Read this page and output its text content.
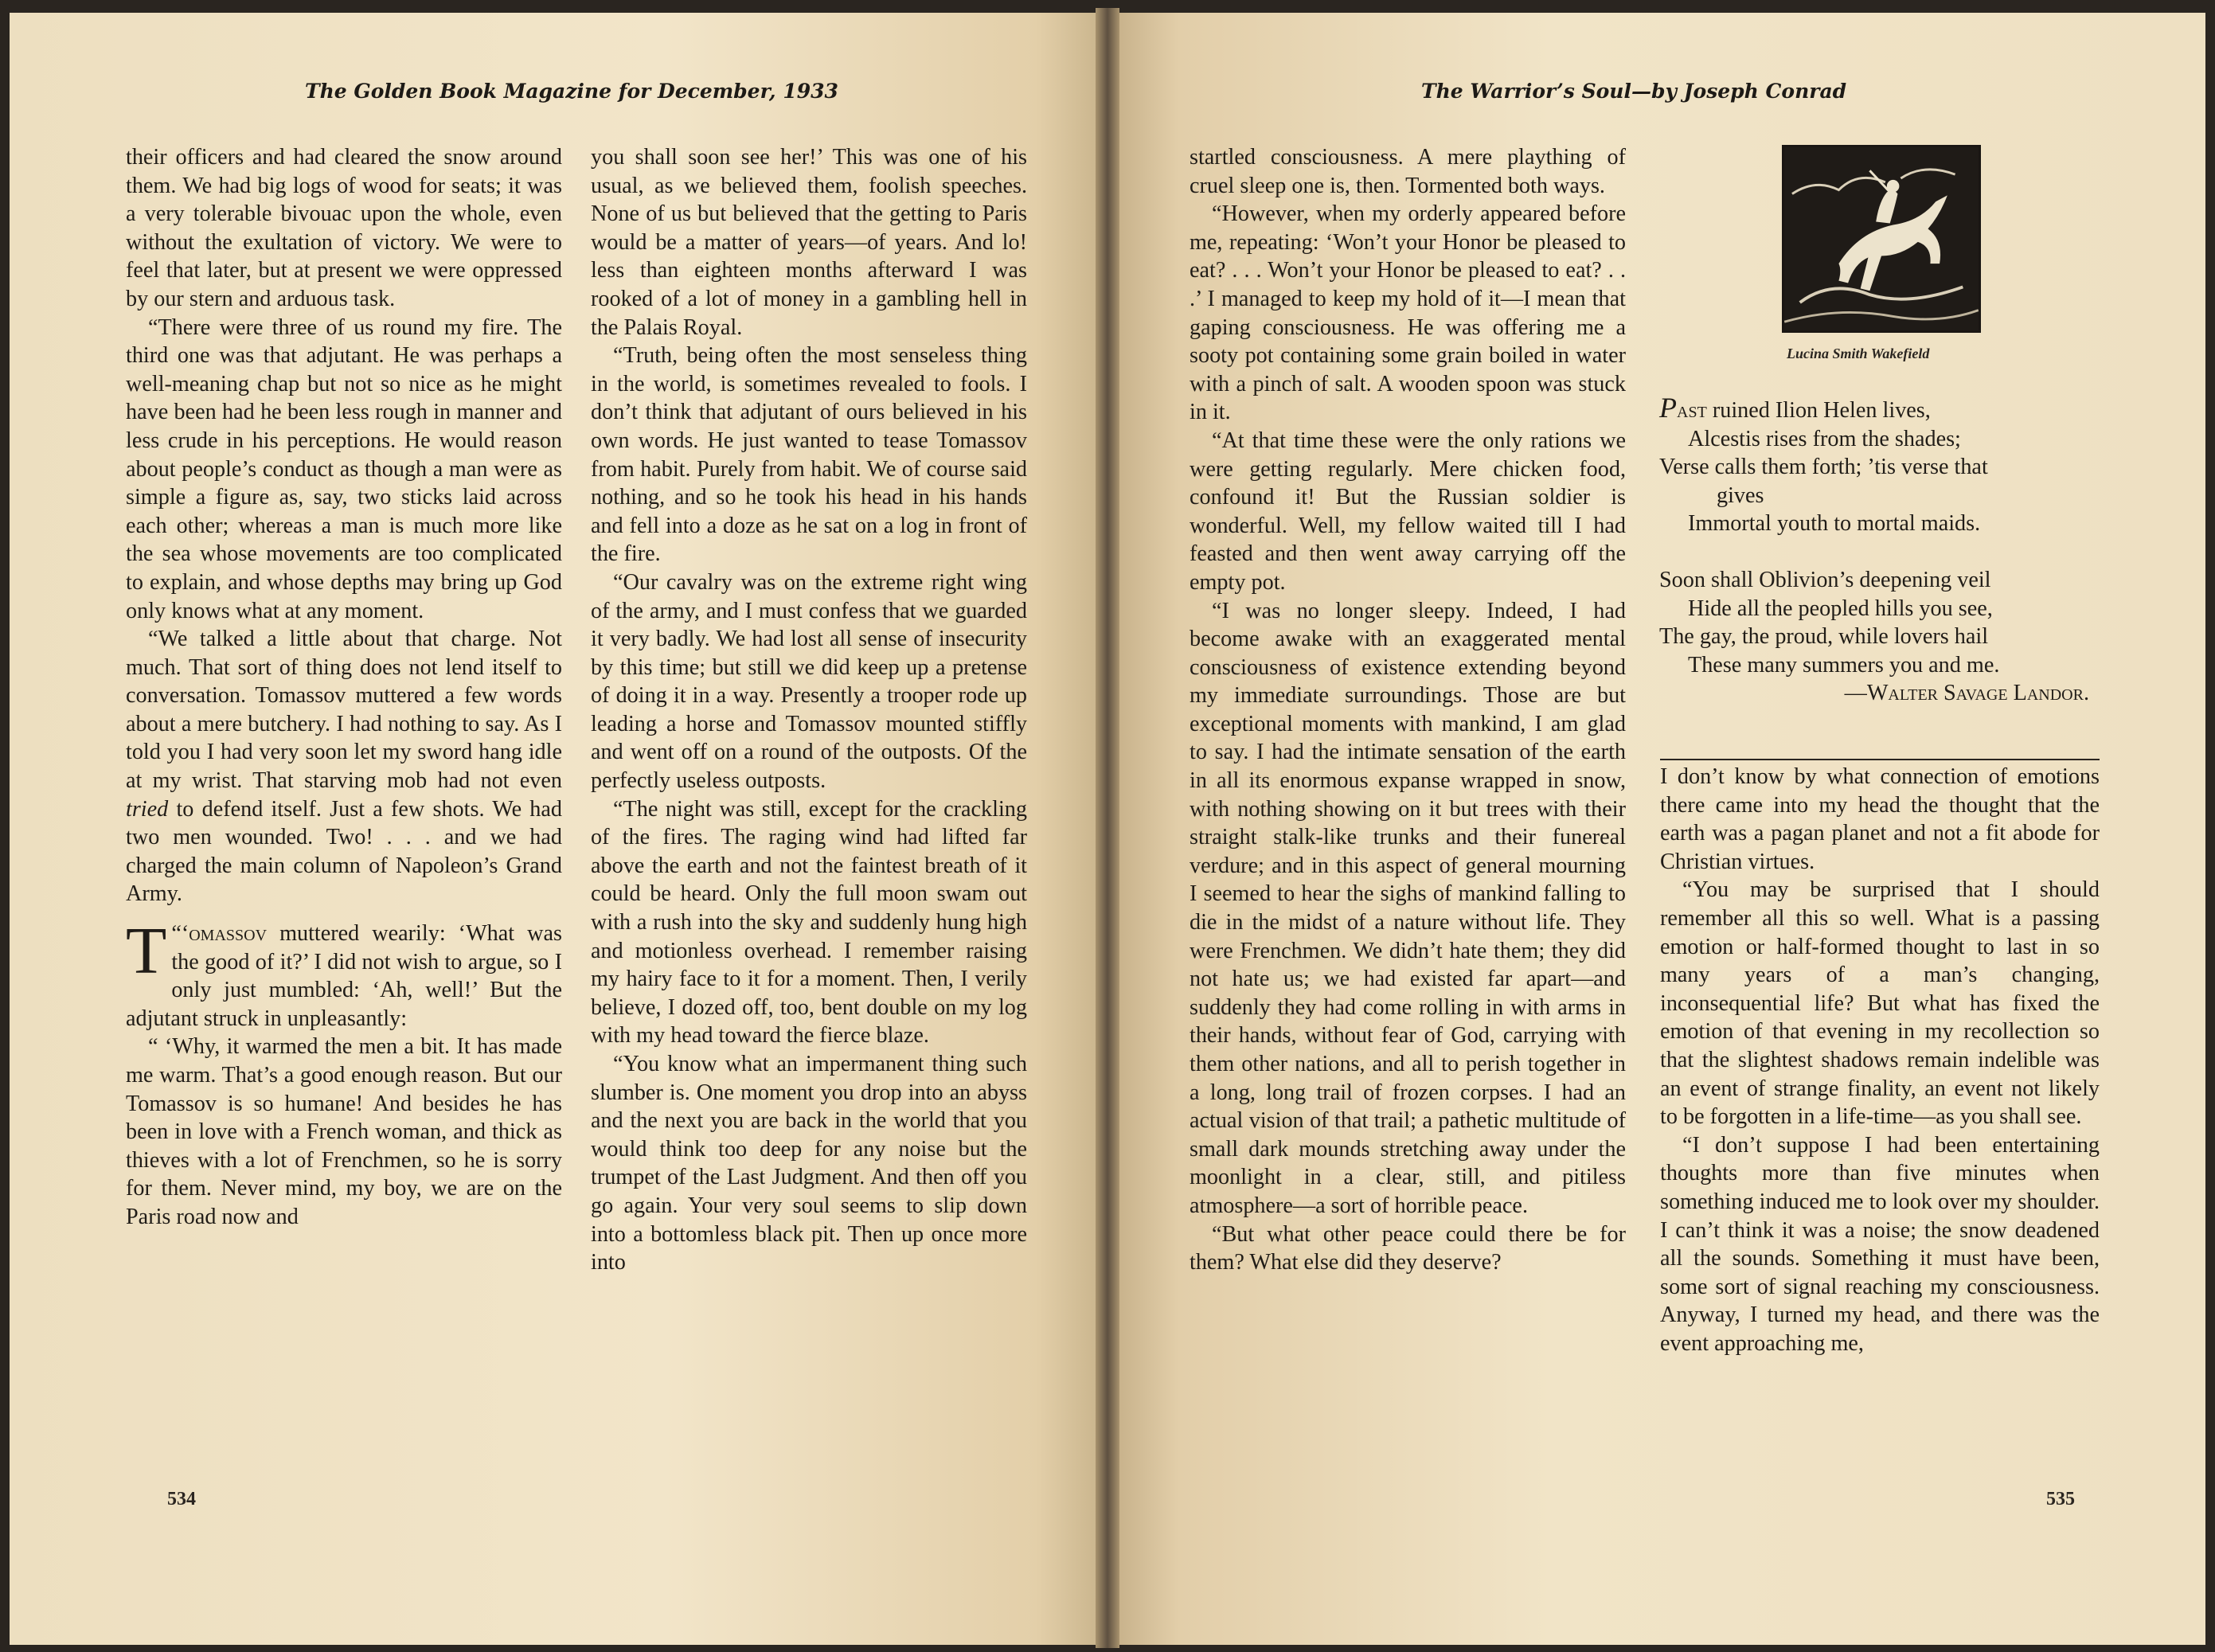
The Golden Book Magazine for December, 1933

their officers and had cleared the snow around them. We had big logs of wood for seats; it was a very tolerable bivouac upon the whole, even without the exultation of victory. We were to feel that later, but at present we were oppressed by our stern and arduous task.

“There were three of us round my fire. The third one was that adjutant. He was perhaps a well-meaning chap but not so nice as he might have been had he been less rough in manner and less crude in his perceptions. He would reason about people’s conduct as though a man were as simple a figure as, say, two sticks laid across each other; whereas a man is much more like the sea whose movements are too complicated to explain, and whose depths may bring up God only knows what at any moment.

“We talked a little about that charge. Not much. That sort of thing does not lend itself to conversation. Tomassov muttered a few words about a mere butchery. I had nothing to say. As I told you I had very soon let my sword hang idle at my wrist. That starving mob had not even tried to defend itself. Just a few shots. We had two men wounded. Two! . . . and we had charged the main column of Napoleon’s Grand Army.

“‘
T omassov muttered wearily: ‘What was the good of it?’ I did not wish to argue, so I only just mumbled: ‘Ah, well!’ But the adjutant struck in unpleasantly:

“ ‘Why, it warmed the men a bit. It has made me warm. That’s a good enough reason. But our Tomassov is so humane! And besides he has been in love with a French woman, and thick as thieves with a lot of Frenchmen, so he is sorry for them. Never mind, my boy, we are on the Paris road now and

you shall soon see her!’ This was one of his usual, as we believed them, foolish speeches. None of us but believed that the getting to Paris would be a matter of years—of years. And lo! less than eighteen months afterward I was rooked of a lot of money in a gambling hell in the Palais Royal.

“Truth, being often the most senseless thing in the world, is sometimes revealed to fools. I don’t think that adjutant of ours believed in his own words. He just wanted to tease Tomassov from habit. Purely from habit. We of course said nothing, and so he took his head in his hands and fell into a doze as he sat on a log in front of the fire.

“Our cavalry was on the extreme right wing of the army, and I must confess that we guarded it very badly. We had lost all sense of insecurity by this time; but still we did keep up a pretense of doing it in a way. Presently a trooper rode up leading a horse and Tomassov mounted stiffly and went off on a round of the outposts. Of the perfectly useless outposts.

“The night was still, except for the crackling of the fires. The raging wind had lifted far above the earth and not the faintest breath of it could be heard. Only the full moon swam out with a rush into the sky and suddenly hung high and motionless overhead. I remember raising my hairy face to it for a moment. Then, I verily believe, I dozed off, too, bent double on my log with my head toward the fierce blaze.

“You know what an impermanent thing such slumber is. One moment you drop into an abyss and the next you are back in the world that you would think too deep for any noise but the trumpet of the Last Judgment. And then off you go again. Your very soul seems to slip down into a bottomless black pit. Then up once more into

534

The Warrior’s Soul—by Joseph Conrad

startled consciousness. A mere plaything of cruel sleep one is, then. Tormented both ways.

“However, when my orderly appeared before me, repeating: ‘Won’t your Honor be pleased to eat? . . . Won’t your Honor be pleased to eat? . . .’ I managed to keep my hold of it—I mean that gaping consciousness. He was offering me a sooty pot containing some grain boiled in water with a pinch of salt. A wooden spoon was stuck in it.

“At that time these were the only rations we were getting regularly. Mere chicken food, confound it! But the Russian soldier is wonderful. Well, my fellow waited till I had feasted and then went away carrying off the empty pot.

“I was no longer sleepy. Indeed, I had become awake with an exaggerated mental consciousness of existence extending beyond my immediate surroundings. Those are but exceptional moments with mankind, I am glad to say. I had the intimate sensation of the earth in all its enormous expanse wrapped in snow, with nothing showing on it but trees with their straight stalk-like trunks and their funereal verdure; and in this aspect of general mourning I seemed to hear the sighs of mankind falling to die in the midst of a nature without life. They were Frenchmen. We didn’t hate them; they did not hate us; we had existed far apart—and suddenly they had come rolling in with arms in their hands, without fear of God, carrying with them other nations, and all to perish together in a long, long trail of frozen corpses. I had an actual vision of that trail; a pathetic multitude of small dark mounds stretching away under the moonlight in a clear, still, and pitiless atmosphere—a sort of horrible peace.

“But what other peace could there be for them? What else did they deserve?

Lucina Smith Wakefield

Past ruined Ilion Helen lives,
Alcestis rises from the shades;
Verse calls them forth; ’tis verse that
gives
Immortal youth to mortal maids.
Soon shall Oblivion’s deepening veil
Hide all the peopled hills you see,
The gay, the proud, while lovers hail
These many summers you and me.
—Walter Savage Landor.

I don’t know by what connection of emotions there came into my head the thought that the earth was a pagan planet and not a fit abode for Christian virtues.

“You may be surprised that I should remember all this so well. What is a passing emotion or half-formed thought to last in so many years of a man’s changing, inconsequential life? But what has fixed the emotion of that evening in my recollection so that the slightest shadows remain indelible was an event of strange finality, an event not likely to be forgotten in a life-time—as you shall see.

“I don’t suppose I had been entertaining thoughts more than five minutes when something induced me to look over my shoulder. I can’t think it was a noise; the snow deadened all the sounds. Something it must have been, some sort of signal reaching my consciousness. Anyway, I turned my head, and there was the event approaching me,

535
